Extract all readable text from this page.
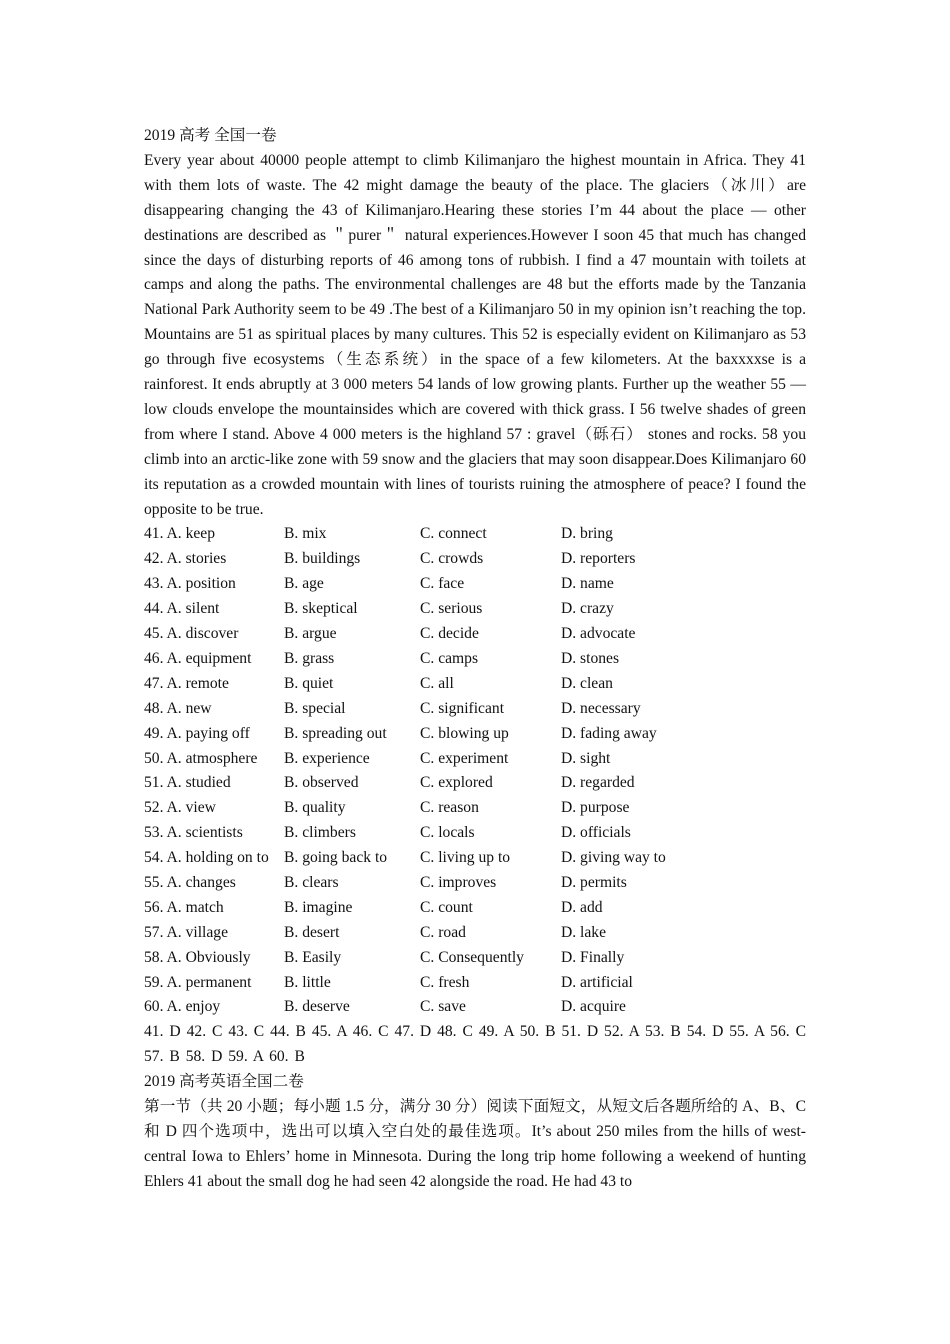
2019 高考 全国一卷

Every year about 40000 people attempt to climb Kilimanjaro the highest mountain in Africa. They 41 with them lots of waste. The 42 might damage the beauty of the place. The glaciers（冰川）are disappearing changing the 43 of Kilimanjaro.Hearing these stories I’m 44 about the place — other destinations are described as ＂purer＂ natural experiences.However I soon 45 that much has changed since the days of disturbing reports of 46 among tons of rubbish. I find a 47 mountain with toilets at camps and along the paths. The environmental challenges are 48 but the efforts made by the Tanzania National Park Authority seem to be 49 .The best of a Kilimanjaro 50 in my opinion isn’t reaching the top. Mountains are 51 as spiritual places by many cultures. This 52 is especially evident on Kilimanjaro as 53 go through five ecosystems（生态系统）in the space of a few kilometers. At the baxxxxse is a rainforest. It ends abruptly at 3 000 meters 54 lands of low growing plants. Further up the weather 55 — low clouds envelope the mountainsides which are covered with thick grass. I 56 twelve shades of green from where I stand. Above 4 000 meters is the highland 57 : gravel（砾石） stones and rocks. 58 you climb into an arctic-like zone with 59 snow and the glaciers that may soon disappear.Does Kilimanjaro 60 its reputation as a crowded mountain with lines of tourists ruining the atmosphere of peace? I found the opposite to be true.

41. A. keep	B. mix	C. connect	D. bring
42. A. stories	B. buildings	C. crowds	D. reporters
43. A. position	B. age	C. face	D. name
44. A. silent	B. skeptical	C. serious	D. crazy
45. A. discover	B. argue	C. decide	D. advocate
46. A. equipment B. grass	C. camps	D. stones
47. A. remote	B. quiet	C. all	D. clean
48. A. new	B. special	C. significant	D. necessary
49. A. paying off B. spreading out C. blowing up	D. fading away
50. A. atmosphere B. experience	C. experiment	D. sight
51. A. studied	B. observed	C. explored	D. regarded
52. A. view	B. quality	C. reason	D. purpose
53. A. scientists	B. climbers	C. locals	D. officials
54. A. holding on to B. going back to C. living up to	D. giving way to
55. A. changes	B. clears	C. improves	D. permits
56. A. match	B. imagine	C. count	D. add
57. A. village	B. desert	C. road	D. lake
58. A. Obviously B. Easily	C. Consequently D. Finally
59. A. permanent B. little	C. fresh	D. artificial
60. A. enjoy	B. deserve	C. save	D. acquire

41. D 42. C 43. C 44. B 45. A 46. C 47. D 48. C 49. A 50. B 51. D 52. A 53. B 54. D 55. A 56. C 57. B 58. D 59. A 60. B

2019 高考英语全国二卷

第一节（共 20 小题；每小题 1.5 分，满分 30 分）阅读下面短文，从短文后各题所给的 A、B、C 和 D 四个选项中，选出可以填入空白处的最佳选项。It’s about 250 miles from the hills of west-central Iowa to Ehlers’ home in Minnesota. During the long trip home following a weekend of hunting Ehlers 41 about the small dog he had seen 42 alongside the road. He had 43 to
